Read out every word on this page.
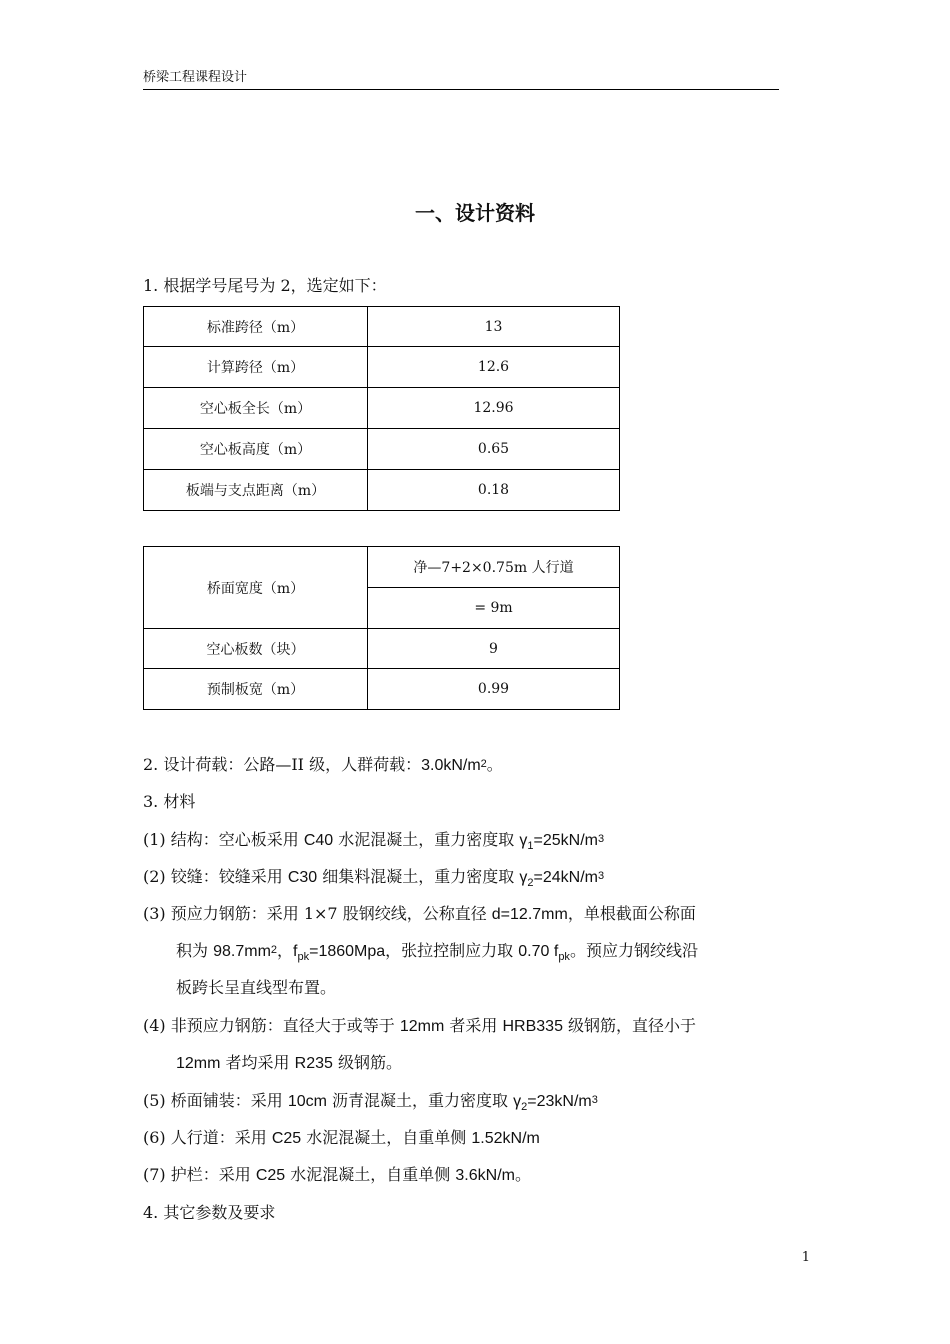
桥梁工程课程设计
一、设计资料
1. 根据学号尾号为 2，选定如下：
标准跨径（m）	13
计算跨径（m）	12.6
空心板全长（m）	12.96
空心板高度（m）	0.65
板端与支点距离（m）	0.18
桥面宽度（m）	净—7+2×0.75m 人行道
	= 9m
空心板数（块）	9
预制板宽（m）	0.99
2. 设计荷载：公路—II 级，人群荷载：$3.0kN/m^2$。
3. 材料
(1) 结构：空心板采用 C40 水泥混凝土，重力密度取 $\gamma_1=25kN/m^3$
(2) 铰缝：铰缝采用 C30 细集料混凝土，重力密度取 $\gamma_2=24kN/m^3$
(3) 预应力钢筋：采用 1×7 股钢绞线，公称直径 d=12.7mm，单根截面公称面
积为 $98.7mm^2$，$f_{pk}=1860Mpa$，张拉控制应力取 0.70 $f_{pk}$。预应力钢绞线沿
板跨长呈直线型布置。
(4) 非预应力钢筋：直径大于或等于 12mm 者采用 HRB335 级钢筋，直径小于
12mm 者均采用 R235 级钢筋。
(5) 桥面铺装：采用 10cm 沥青混凝土，重力密度取 $\gamma_2=23kN/m^3$
(6) 人行道：采用 C25 水泥混凝土，自重单侧 1.52kN/m
(7) 护栏：采用 C25 水泥混凝土，自重单侧 3.6kN/m。
4. 其它参数及要求
1
